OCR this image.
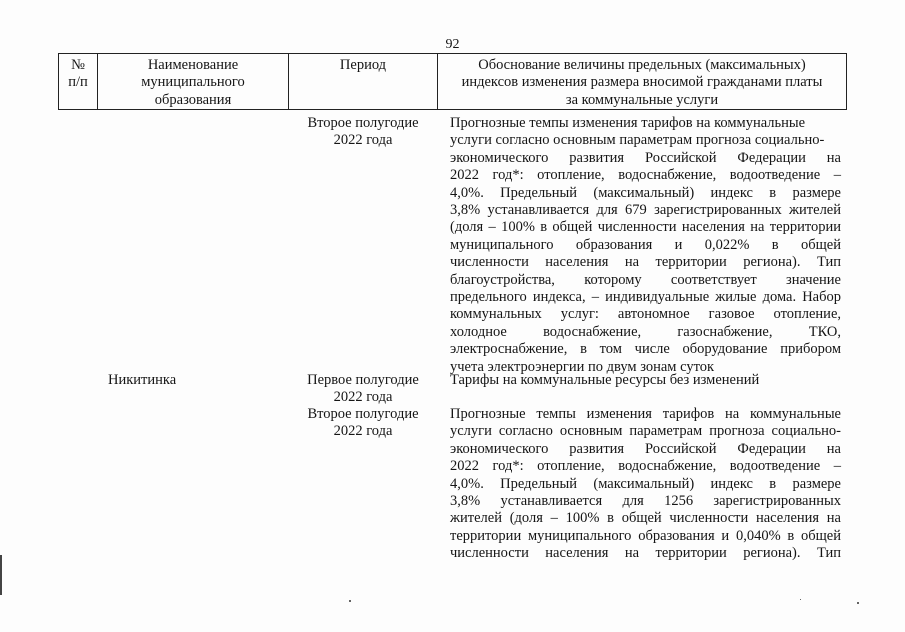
92
№
п/п
Наименование
муниципального
образования
Период	Обоснование величины предельных (максимальных)
индексов изменения размера вносимой гражданами платы
за коммунальные услуги
Второе полугодие
2022 года
Прогнозные темпы изменения тарифов на коммунальные
услуги согласно основным параметрам прогноза социально-
экономического развития Российской Федерации на
2022 год*: отопление, водоснабжение, водоотведение –
4,0%. Предельный (максимальный) индекс в размере
3,8% устанавливается для 679 зарегистрированных жителей
(доля – 100% в общей численности населения на территории
муниципального образования и 0,022% в общей
численности населения на территории региона). Тип
благоустройства, которому соответствует значение
предельного индекса, – индивидуальные жилые дома. Набор
коммунальных услуг: автономное газовое отопление,
холодное водоснабжение, газоснабжение, ТКО,
электроснабжение, в том числе оборудование прибором
учета электроэнергии по двум зонам суток
Никитинка	Первое полугодие
2022 года
Тарифы на коммунальные ресурсы без изменений
Второе полугодие
2022 года
Прогнозные темпы изменения тарифов на коммунальные
услуги согласно основным параметрам прогноза социально-
экономического развития Российской Федерации на
2022 год*: отопление, водоснабжение, водоотведение –
4,0%. Предельный (максимальный) индекс в размере
3,8% устанавливается для 1256 зарегистрированных
жителей (доля – 100% в общей численности населения на
территории муниципального образования и 0,040% в общей
численности населения на территории региона). Тип
